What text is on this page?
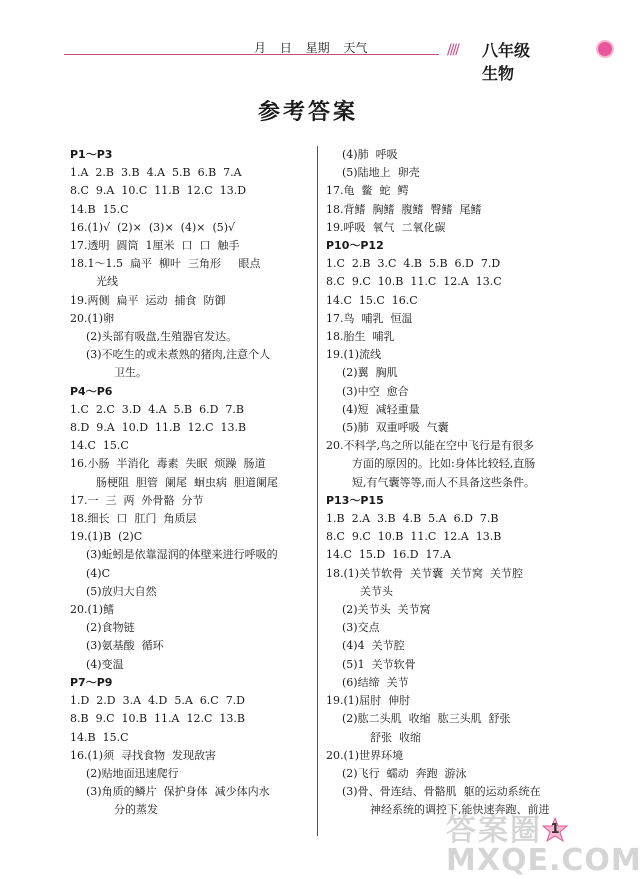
月 日 星期 天气	//// 八年级生物
参考答案
P1～P3
1.A  2.B  3.B  4.A  5.B  6.B  7.A
8.C  9.A  10.C  11.B  12.C  13.D
14.B  15.C
16.(1)√  (2)×  (3)×  (4)×  (5)√
17.透明  圆筒  1厘米  口  口  触手
18.1～1.5  扁平  柳叶  三角形     眼点
光线
19.两侧  扁平  运动  捕食  防御
20.(1)卵
(2)头部有吸盘,生殖器官发达。
(3)不吃生的或未煮熟的猪肉,注意个人
卫生。
P4～P6
1.C  2.C  3.D  4.A  5.B  6.D  7.B
8.D  9.A  10.D  11.B  12.C  13.B
14.C  15.C
16.小肠  半消化  毒素  失眠  烦躁  肠道
肠梗阻  胆管  阑尾  蛔虫病  胆道阑尾
17.一  三  两  外骨骼  分节
18.细长  口  肛门  角质层
19.(1)B  (2)C
(3)蚯蚓是依靠湿润的体壁来进行呼吸的
(4)C
(5)放归大自然
20.(1)鳍
(2)食物链
(3)氨基酸  循环
(4)变温
P7～P9
1.D  2.D  3.A  4.D  5.A  6.C  7.D
8.B  9.C  10.B  11.A  12.C  13.B
14.B  15.C
16.(1)须  寻找食物  发现敌害
(2)贴地面迅速爬行
(3)角质的鳞片  保护身体  减少体内水
分的蒸发
(4)肺  呼吸
(5)陆地上  卵壳
17.龟  鳖  蛇  鳄
18.背鳍  胸鳍  腹鳍  臀鳍  尾鳍
19.呼吸  氧气  二氧化碳
P10～P12
1.C  2.B  3.C  4.B  5.B  6.D  7.D
8.C  9.C  10.B  11.C  12.A  13.C
14.C  15.C  16.C
17.鸟  哺乳  恒温
18.胎生  哺乳
19.(1)流线
(2)翼  胸肌
(3)中空  愈合
(4)短  减轻重量
(5)肺  双重呼吸  气囊
20.不科学,鸟之所以能在空中飞行是有很多
方面的原因的。比如:身体比较轻,直肠
短,有气囊等等,而人不具备这些条件。
P13～P15
1.B  2.A  3.B  4.B  5.A  6.D  7.B
8.C  9.C  10.B  11.C  12.A  13.B
14.C  15.D  16.D  17.A
18.(1)关节软骨  关节囊  关节窝  关节腔
关节头
(2)关节头  关节窝
(3)交点
(4)4  关节腔
(5)1  关节软骨
(6)结缔  关节
19.(1)屈肘  伸肘
(2)肱二头肌  收缩  肱三头肌  舒张
舒张  收缩
20.(1)世界环境
(2)飞行  蠕动  奔跑  游泳
(3)骨、骨连结、骨骼肌  躯的运动系统在
神经系统的调控下,能快速奔跑、前进
答案圈
MXQE.COM
1
